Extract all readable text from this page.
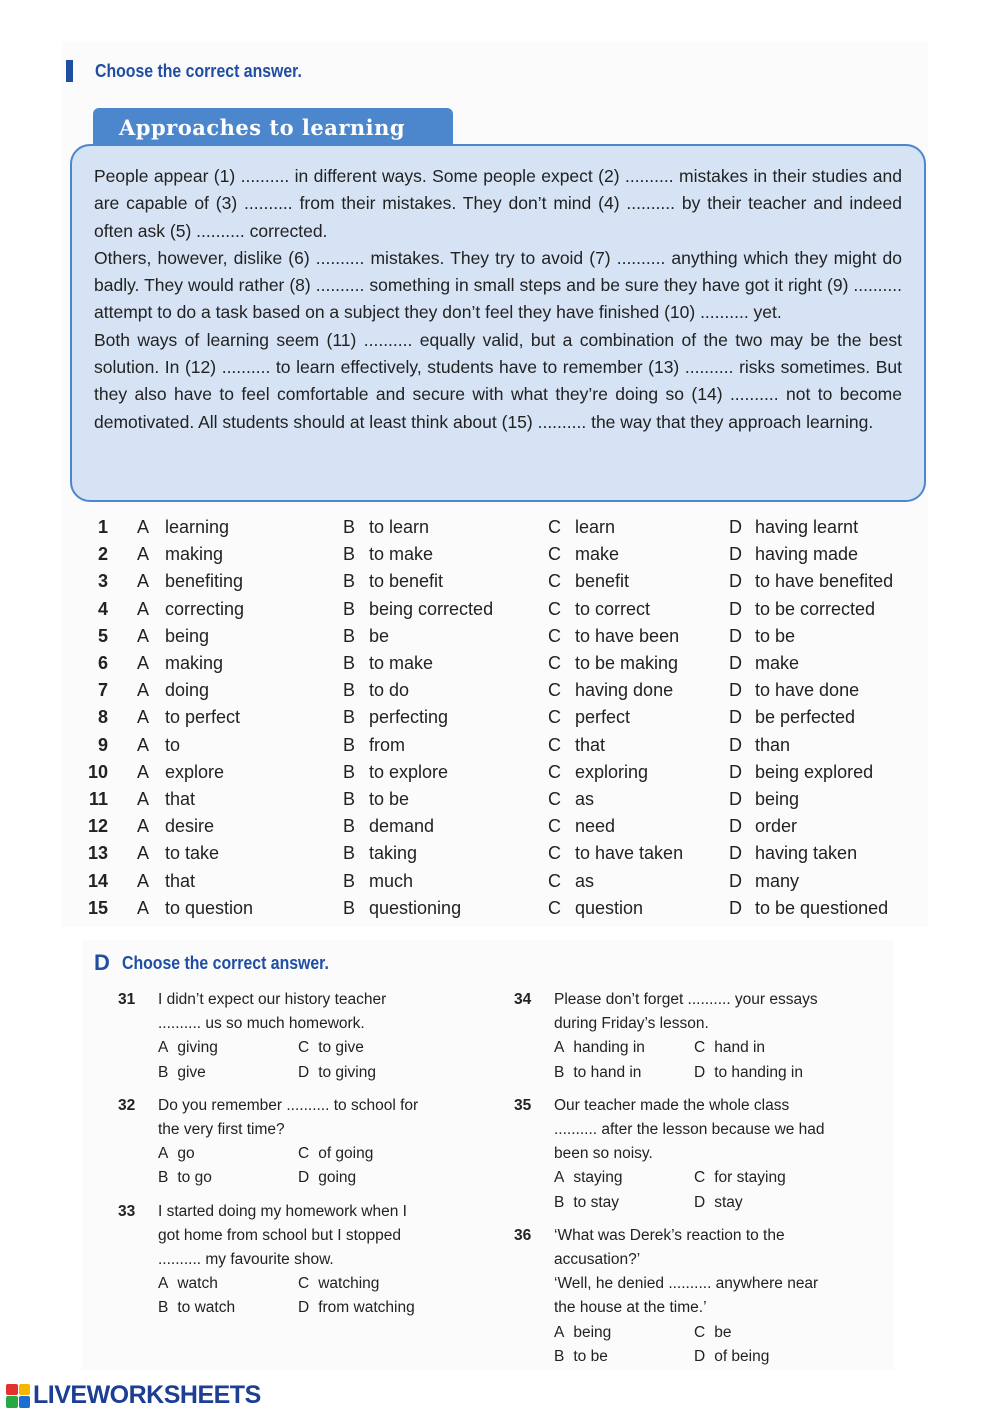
Choose the correct answer.
Approaches to learning

People appear (1) .......... in different ways. Some people expect (2) .......... mistakes in their studies and are capable of (3) .......... from their mistakes. They don’t mind (4) .......... by their teacher and indeed often ask (5) .......... corrected.

Others, however, dislike (6) .......... mistakes. They try to avoid (7) .......... anything which they might do badly. They would rather (8) .......... something in small steps and be sure they have got it right (9) .......... attempt to do a task based on a subject they don’t feel they have finished (10) .......... yet.

Both ways of learning seem (11) .......... equally valid, but a combination of the two may be the best solution. In (12) .......... to learn effectively, students have to remember (13) .......... risks sometimes. But they also have to feel comfortable and secure with what they’re doing so (14) .......... not to become demotivated. All students should at least think about (15) .......... the way that they approach learning.

1 A learning	B to learn	C learn	D having learnt
2 A making	B to make	C make	D having made
3 A benefiting	B to benefit	C benefit	D to have benefited
4 A correcting	B being corrected	C to correct	D to be corrected
5 A being	B be	C to have been	D to be
6 A making	B to make	C to be making	D make
7 A doing	B to do	C having done	D to have done
8 A to perfect	B perfecting	C perfect	D be perfected
9 A to	B from	C that	D than
10 A explore	B to explore	C exploring	D being explored
11 A that	B to be	C as	D being
12 A desire	B demand	C need	D order
13 A to take	B taking	C to have taken	D having taken
14 A that	B much	C as	D many
15 A to question	B questioning	C question	D to be questioned
D Choose the correct answer.
31 I didn’t expect our history teacher
.......... us so much homework.
A giving
B give
C to give
D to giving
32 Do you remember .......... to school for
the very first time?
A go
B to go
C of going
D going
33 I started doing my homework when I
got home from school but I stopped
.......... my favourite show.
A watch
B to watch
C watching
D from watching
34 Please don’t forget .......... your essays
during Friday’s lesson.
A handing in
B to hand in
C hand in
D to handing in
35 Our teacher made the whole class
.......... after the lesson because we had
been so noisy.
A staying
B to stay
C for staying
D stay
36 ‘What was Derek’s reaction to the
accusation?’
‘Well, he denied .......... anywhere near
the house at the time.’
A being
B to be
C be
D of being
LIVEWORKSHEETS
